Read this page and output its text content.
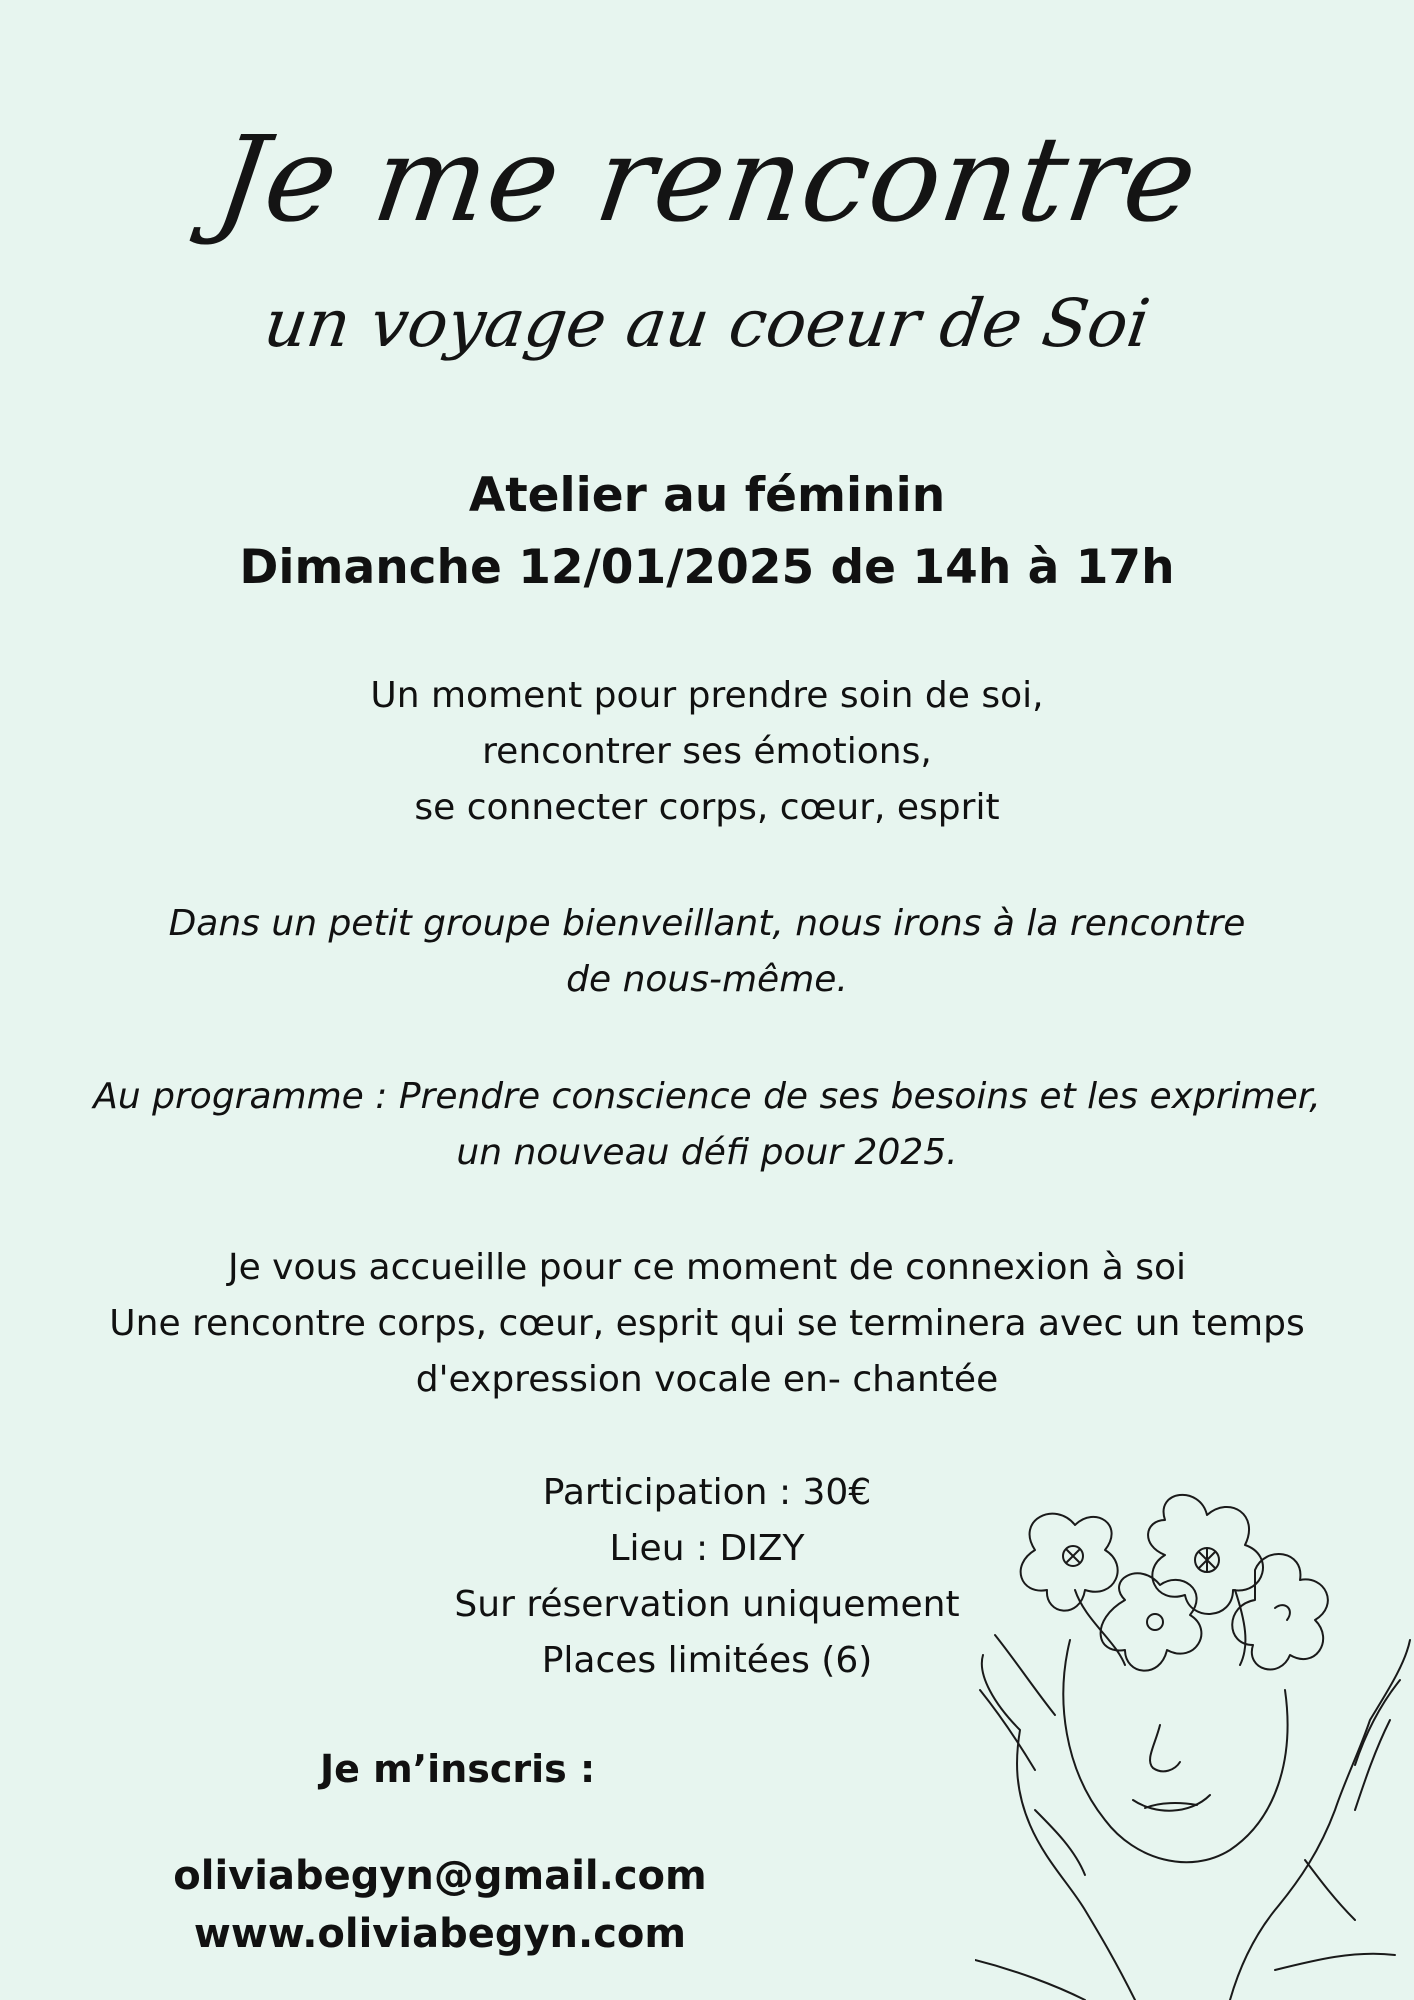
Je me rencontre
un voyage au coeur de Soi
Atelier au féminin
Dimanche 12/01/2025 de 14h à 17h
Un moment pour prendre soin de soi,
rencontrer ses émotions,
se connecter corps, cœur, esprit
Dans un petit groupe bienveillant, nous irons à la rencontre
de nous-même.
Au programme : Prendre conscience de ses besoins et les exprimer,
un nouveau défi pour 2025.
Je vous accueille pour ce moment de connexion à soi
Une rencontre corps, cœur, esprit qui se terminera avec un temps
d'expression vocale en- chantée
Participation : 30€
Lieu : DIZY
Sur réservation uniquement
Places limitées (6)
Je m’inscris :
oliviabegyn@gmail.com
www.oliviabegyn.com
